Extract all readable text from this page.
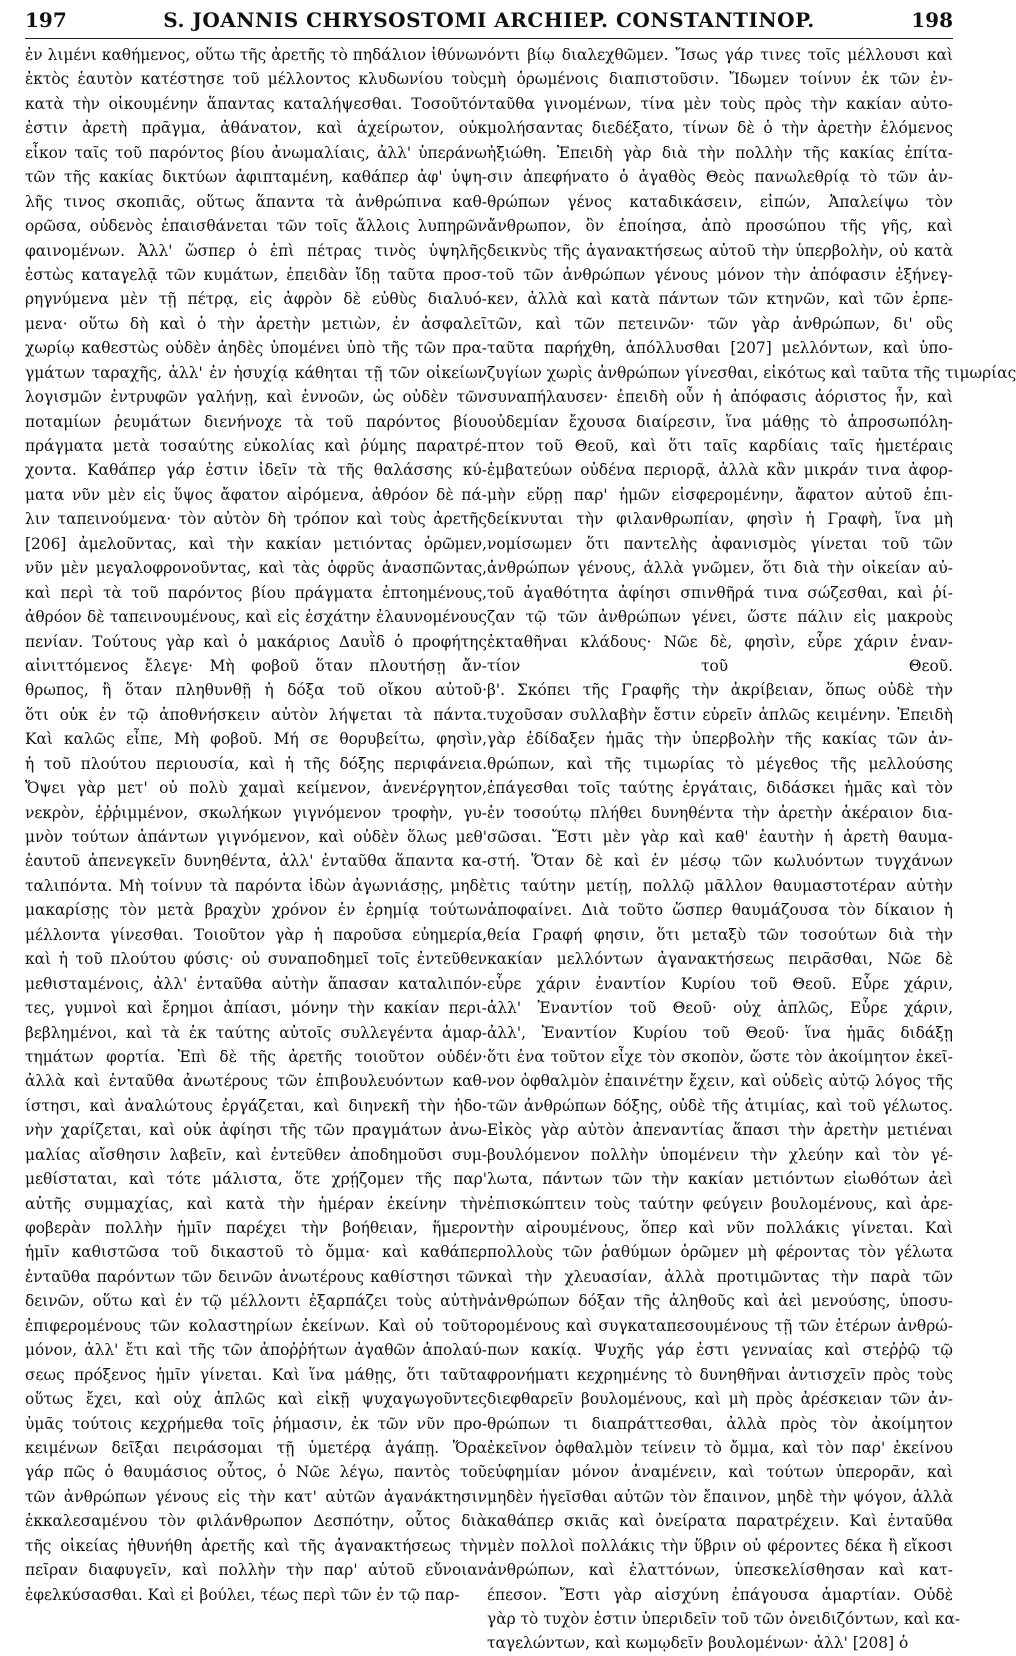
197	S. JOANNIS CHRYSOSTOMI ARCHIEP. CONSTANTINOP.	198
ἐν λιμένι καθήμενος, οὕτω τῆς ἀρετῆς τὸ πηδάλιον ἰθύνων
ἐκτὸς ἑαυτὸν κατέστησε τοῦ μέλλοντος κλυδωνίου τοὺς
κατὰ τὴν οἰκουμένην ἅπαντας καταλήψεσθαι. Τοσοῦτόν
ἐστιν ἀρετὴ πρᾶγμα, ἀθάνατον, καὶ ἀχείρωτον, οὐκ
εἶκον ταῖς τοῦ παρόντος βίου ἀνωμαλίαις, ἀλλ' ὑπεράνω
τῶν τῆς κακίας δικτύων ἀφιπταμένη, καθάπερ ἀφ' ὑψη-
λῆς τινος σκοπιᾶς, οὕτως ἅπαντα τὰ ἀνθρώπινα καθ-
ορῶσα, οὐδενὸς ἐπαισθάνεται τῶν τοῖς ἄλλοις λυπηρῶν
φαινομένων. Ἀλλ' ὥσπερ ὁ ἐπὶ πέτρας τινὸς ὑψηλῆς
ἑστὼς καταγελᾷ τῶν κυμάτων, ἐπειδὰν ἴδῃ ταῦτα προσ-
ρηγνύμενα μὲν τῇ πέτρᾳ, εἰς ἀφρὸν δὲ εὐθὺς διαλυό-
μενα· οὕτω δὴ καὶ ὁ τὴν ἀρετὴν μετιὼν, ἐν ἀσφαλεῖ
χωρίῳ καθεστὼς οὐδὲν ἀηδὲς ὑπομένει ὑπὸ τῆς τῶν πρα-
γμάτων ταραχῆς, ἀλλ' ἐν ἡσυχίᾳ κάθηται τῇ τῶν οἰκείων
λογισμῶν ἐντρυφῶν γαλήνῃ, καὶ ἐννοῶν, ὡς οὐδὲν τῶν
ποταμίων ῥευμάτων διενήνοχε τὰ τοῦ παρόντος βίου
πράγματα μετὰ τοσαύτης εὐκολίας καὶ ῥύμης παρατρέ-
χοντα. Καθάπερ γάρ ἐστιν ἰδεῖν τὰ τῆς θαλάσσης κύ-
ματα νῦν μὲν εἰς ὕψος ἄφατον αἰρόμενα, ἀθρόον δὲ πά-
λιν ταπεινούμενα· τὸν αὐτὸν δὴ τρόπον καὶ τοὺς ἀρετῆς
[206] ἀμελοῦντας, καὶ τὴν κακίαν μετιόντας ὁρῶμεν,
νῦν μὲν μεγαλοφρονοῦντας, καὶ τὰς ὀφρῦς ἀνασπῶντας,
καὶ περὶ τὰ τοῦ παρόντος βίου πράγματα ἐπτοημένους,
ἀθρόον δὲ ταπεινουμένους, καὶ εἰς ἐσχάτην ἐλαυνομένους
πενίαν. Τούτους γὰρ καὶ ὁ μακάριος Δαυῒδ ὁ προφήτης
αἰνιττόμενος ἔλεγε· Μὴ φοβοῦ ὅταν πλουτήσῃ ἄν-
θρωπος, ἢ ὅταν πληθυνθῇ ἡ δόξα τοῦ οἴκου αὐτοῦ·
ὅτι οὐκ ἐν τῷ ἀποθνήσκειν αὐτὸν λήψεται τὰ πάντα.
Καὶ καλῶς εἶπε, Μὴ φοβοῦ. Μή σε θορυβείτω, φησὶν,
ἡ τοῦ πλούτου περιουσία, καὶ ἡ τῆς δόξης περιφάνεια.
Ὄψει γὰρ μετ' οὐ πολὺ χαμαὶ κείμενον, ἀνενέργητον,
νεκρὸν, ἐῤῥιμμένον, σκωλήκων γιγνόμενον τροφὴν, γυ-
μνὸν τούτων ἁπάντων γιγνόμενον, καὶ οὐδὲν ὅλως μεθ'
ἑαυτοῦ ἀπενεγκεῖν δυνηθέντα, ἀλλ' ἐνταῦθα ἅπαντα κα-
ταλιπόντα. Μὴ τοίνυν τὰ παρόντα ἰδὼν ἀγωνιάσῃς, μηδὲ
μακαρίσῃς τὸν μετὰ βραχὺν χρόνον ἐν ἐρημίᾳ τούτων
μέλλοντα γίνεσθαι. Τοιοῦτον γὰρ ἡ παροῦσα εὐημερία,
καὶ ἡ τοῦ πλούτου φύσις· οὐ συναποδημεῖ τοῖς ἐντεῦθεν
μεθισταμένοις, ἀλλ' ἐνταῦθα αὐτὴν ἅπασαν καταλιπόν-
τες, γυμνοὶ καὶ ἔρημοι ἀπίασι, μόνην τὴν κακίαν περι-
βεβλημένοι, καὶ τὰ ἐκ ταύτης αὐτοῖς συλλεγέντα ἁμαρ-
τημάτων φορτία. Ἐπὶ δὲ τῆς ἀρετῆς τοιοῦτον οὐδέν·
ἀλλὰ καὶ ἐνταῦθα ἀνωτέρους τῶν ἐπιβουλευόντων καθ-
ίστησι, καὶ ἀναλώτους ἐργάζεται, καὶ διηνεκῆ τὴν ἡδο-
νὴν χαρίζεται, καὶ οὐκ ἀφίησι τῆς τῶν πραγμάτων ἀνω-
μαλίας αἴσθησιν λαβεῖν, καὶ ἐντεῦθεν ἀποδημοῦσι συμ-
μεθίσταται, καὶ τότε μάλιστα, ὅτε χρῄζομεν τῆς παρ'
αὐτῆς συμμαχίας, καὶ κατὰ τὴν ἡμέραν ἐκείνην τὴν
φοβερὰν πολλὴν ἡμῖν παρέχει τὴν βοήθειαν, ἥμερον
ἡμῖν καθιστῶσα τοῦ δικαστοῦ τὸ ὄμμα· καὶ καθάπερ
ἐνταῦθα παρόντων τῶν δεινῶν ἀνωτέρους καθίστησι τῶν
δεινῶν, οὕτω καὶ ἐν τῷ μέλλοντι ἐξαρπάζει τοὺς αὐτὴν
ἐπιφερομένους τῶν κολαστηρίων ἐκείνων. Καὶ οὐ τοῦτο
μόνον, ἀλλ' ἔτι καὶ τῆς τῶν ἀποῤῥήτων ἀγαθῶν ἀπολαύ-
σεως πρόξενος ἡμῖν γίνεται. Καὶ ἵνα μάθῃς, ὅτι ταῦτα
οὕτως ἔχει, καὶ οὐχ ἁπλῶς καὶ εἰκῇ ψυχαγωγοῦντες
ὑμᾶς τούτοις κεχρήμεθα τοῖς ῥήμασιν, ἐκ τῶν νῦν προ-
κειμένων δεῖξαι πειράσομαι τῇ ὑμετέρᾳ ἀγάπῃ. Ὅρα
γάρ πῶς ὁ θαυμάσιος οὗτος, ὁ Νῶε λέγω, παντὸς τοῦ
τῶν ἀνθρώπων γένους εἰς τὴν κατ' αὐτῶν ἀγανάκτησιν
ἐκκαλεσαμένου τὸν φιλάνθρωπον Δεσπότην, οὗτος διὰ
τῆς οἰκείας ἠθυνήθη ἀρετῆς καὶ τῆς ἀγανακτήσεως τὴν
πεῖραν διαφυγεῖν, καὶ πολλὴν τὴν παρ' αὐτοῦ εὔνοιαν
ἐφελκύσασθαι. Καὶ εἰ βούλει, τέως περὶ τῶν ἐν τῷ παρ-
όντι βίῳ διαλεχθῶμεν. Ἴσως γάρ τινες τοῖς μέλλουσι καὶ
μὴ ὁρωμένοις διαπιστοῦσιν. Ἴδωμεν τοίνυν ἐκ τῶν ἐν-
ταῦθα γινομένων, τίνα μὲν τοὺς πρὸς τὴν κακίαν αὐτο-
μολήσαντας διεδέξατο, τίνων δὲ ὁ τὴν ἀρετὴν ἑλόμενος
ἠξιώθη. Ἐπειδὴ γὰρ διὰ τὴν πολλὴν τῆς κακίας ἐπίτα-
σιν ἀπεφήνατο ὁ ἀγαθὸς Θεὸς πανωλεθρίᾳ τὸ τῶν ἀν-
θρώπων γένος καταδικάσειν, εἰπών, Ἀπαλείψω τὸν
ἄνθρωπον, ὃν ἐποίησα, ἀπὸ προσώπου τῆς γῆς, καὶ
δεικνὺς τῆς ἀγανακτήσεως αὐτοῦ τὴν ὑπερβολὴν, οὐ κατὰ
τοῦ τῶν ἀνθρώπων γένους μόνον τὴν ἀπόφασιν ἐξήνεγ-
κεν, ἀλλὰ καὶ κατὰ πάντων τῶν κτηνῶν, καὶ τῶν ἑρπε-
τῶν, καὶ τῶν πετεινῶν· τῶν γὰρ ἀνθρώπων, δι' οὓς
ταῦτα παρήχθη, ἀπόλλυσθαι [207] μελλόντων, καὶ ὑπο-
ζυγίων χωρὶς ἀνθρώπων γίνεσθαι, εἰκότως καὶ ταῦτα τῆς τιμωρίας
συναπήλαυσεν· ἐπειδὴ οὖν ἡ ἀπόφασις ἀόριστος ἦν, καὶ
οὐδεμίαν ἔχουσα διαίρεσιν, ἵνα μάθῃς τὸ ἀπροσωπόλη-
πτον τοῦ Θεοῦ, καὶ ὅτι ταῖς καρδίαις ταῖς ἡμετέραις
ἐμβατεύων οὐδένα περιορᾷ, ἀλλὰ κἂν μικράν τινα ἀφορ-
μὴν εὕρῃ παρ' ἡμῶν εἰσφερομένην, ἄφατον αὐτοῦ ἐπι-
δείκνυται τὴν φιλανθρωπίαν, φησὶν ἡ Γραφὴ, ἵνα μὴ
νομίσωμεν ὅτι παντελὴς ἀφανισμὸς γίνεται τοῦ τῶν
ἀνθρώπων γένους, ἀλλὰ γνῶμεν, ὅτι διὰ τὴν οἰκείαν αὐ-
τοῦ ἀγαθότητα ἀφίησι σπινθῆρά τινα σώζεσθαι, καὶ ῥί-
ζαν τῷ τῶν ἀνθρώπων γένει, ὥστε πάλιν εἰς μακροὺς
ἐκταθῆναι κλάδους· Νῶε δὲ, φησὶν, εὗρε χάριν ἐναν-
τίον τοῦ Θεοῦ.
β'. Σκόπει τῆς Γραφῆς τὴν ἀκρίβειαν, ὅπως οὐδὲ τὴν
τυχοῦσαν συλλαβὴν ἔστιν εὑρεῖν ἁπλῶς κειμένην. Ἐπειδὴ
γὰρ ἐδίδαξεν ἡμᾶς τὴν ὑπερβολὴν τῆς κακίας τῶν ἀν-
θρώπων, καὶ τῆς τιμωρίας τὸ μέγεθος τῆς μελλούσης
ἐπάγεσθαι τοῖς ταύτης ἐργάταις, διδάσκει ἡμᾶς καὶ τὸν
ἐν τοσούτῳ πλήθει δυνηθέντα τὴν ἀρετὴν ἀκέραιον δια-
σῶσαι. Ἔστι μὲν γὰρ καὶ καθ' ἑαυτὴν ἡ ἀρετὴ θαυμα-
στή. Ὅταν δὲ καὶ ἐν μέσῳ τῶν κωλυόντων τυγχάνων
τις ταύτην μετίῃ, πολλῷ μᾶλλον θαυμαστοτέραν αὐτὴν
ἀποφαίνει. Διὰ τοῦτο ὥσπερ θαυμάζουσα τὸν δίκαιον ἡ
θεία Γραφή φησιν, ὅτι μεταξὺ τῶν τοσούτων διὰ τὴν
κακίαν μελλόντων ἀγανακτήσεως πειρᾶσθαι, Νῶε δὲ
εὗρε χάριν ἐναντίον Κυρίου τοῦ Θεοῦ. Εὗρε χάριν,
ἀλλ' Ἐναντίον τοῦ Θεοῦ· οὐχ ἁπλῶς, Εὗρε χάριν,
ἀλλ', Ἐναντίον Κυρίου τοῦ Θεοῦ· ἵνα ἡμᾶς διδάξῃ
ὅτι ἐνα τοῦτον εἶχε τὸν σκοπὸν, ὥστε τὸν ἀκοίμητον ἐκεῖ-
νον ὀφθαλμὸν ἐπαινέτην ἔχειν, καὶ οὐδεὶς αὐτῷ λόγος τῆς
τῶν ἀνθρώπων δόξης, οὐδὲ τῆς ἀτιμίας, καὶ τοῦ γέλωτος.
Εἰκὸς γὰρ αὐτὸν ἀπεναντίας ἅπασι τὴν ἀρετὴν μετιέναι
βουλόμενον πολλὴν ὑπομένειν τὴν χλεύην καὶ τὸν γέ-
λωτα, πάντων τῶν τὴν κακίαν μετιόντων εἰωθότων ἀεὶ
ἐπισκώπτειν τοὺς ταύτην φεύγειν βουλομένους, καὶ ἀρε-
τὴν αἱρουμένους, ὅπερ καὶ νῦν πολλάκις γίνεται. Καὶ
πολλοὺς τῶν ῥαθύμων ὁρῶμεν μὴ φέροντας τὸν γέλωτα
καὶ τὴν χλευασίαν, ἀλλὰ προτιμῶντας τὴν παρὰ τῶν
ἀνθρώπων δόξαν τῆς ἀληθοῦς καὶ ἀεὶ μενούσης, ὑποσυ-
ρομένους καὶ συγκαταπεσουμένους τῇ τῶν ἑτέρων ἀνθρώ-
πων κακίᾳ. Ψυχῆς γάρ ἐστι γενναίας καὶ στεῤῥῷ τῷ
φρονήματι κεχρημένης τὸ δυνηθῆναι ἀντισχεῖν πρὸς τοὺς
διεφθαρεῖν βουλομένους, καὶ μὴ πρὸς ἀρέσκειαν τῶν ἀν-
θρώπων τι διαπράττεσθαι, ἀλλὰ πρὸς τὸν ἀκοίμητον
ἐκεῖνον ὀφθαλμὸν τείνειν τὸ ὄμμα, καὶ τὸν παρ' ἐκείνου
εὐφημίαν μόνον ἀναμένειν, καὶ τούτων ὑπερορᾶν, καὶ
μηδὲν ἡγεῖσθαι αὐτῶν τὸν ἔπαινον, μηδὲ τὴν ψόγον, ἀλλὰ
καθάπερ σκιᾶς καὶ ὀνείρατα παρατρέχειν. Καὶ ἐνταῦθα
μὲν πολλοὶ πολλάκις τὴν ὕβριν οὐ φέροντες δέκα ἢ εἴκοσι
ἀνθρώπων, καὶ ἐλαττόνων, ὑπεσκελίσθησαν καὶ κατ-
έπεσον. Ἔστι γὰρ αἰσχύνη ἐπάγουσα ἁμαρτίαν. Οὐδὲ
γὰρ τὸ τυχὸν ἐστιν ὑπεριδεῖν τοῦ τῶν ὀνειδιζόντων, καὶ κα-
ταγελώντων, καὶ κωμῳδεῖν βουλομένων· ἀλλ' [208] ὁ
